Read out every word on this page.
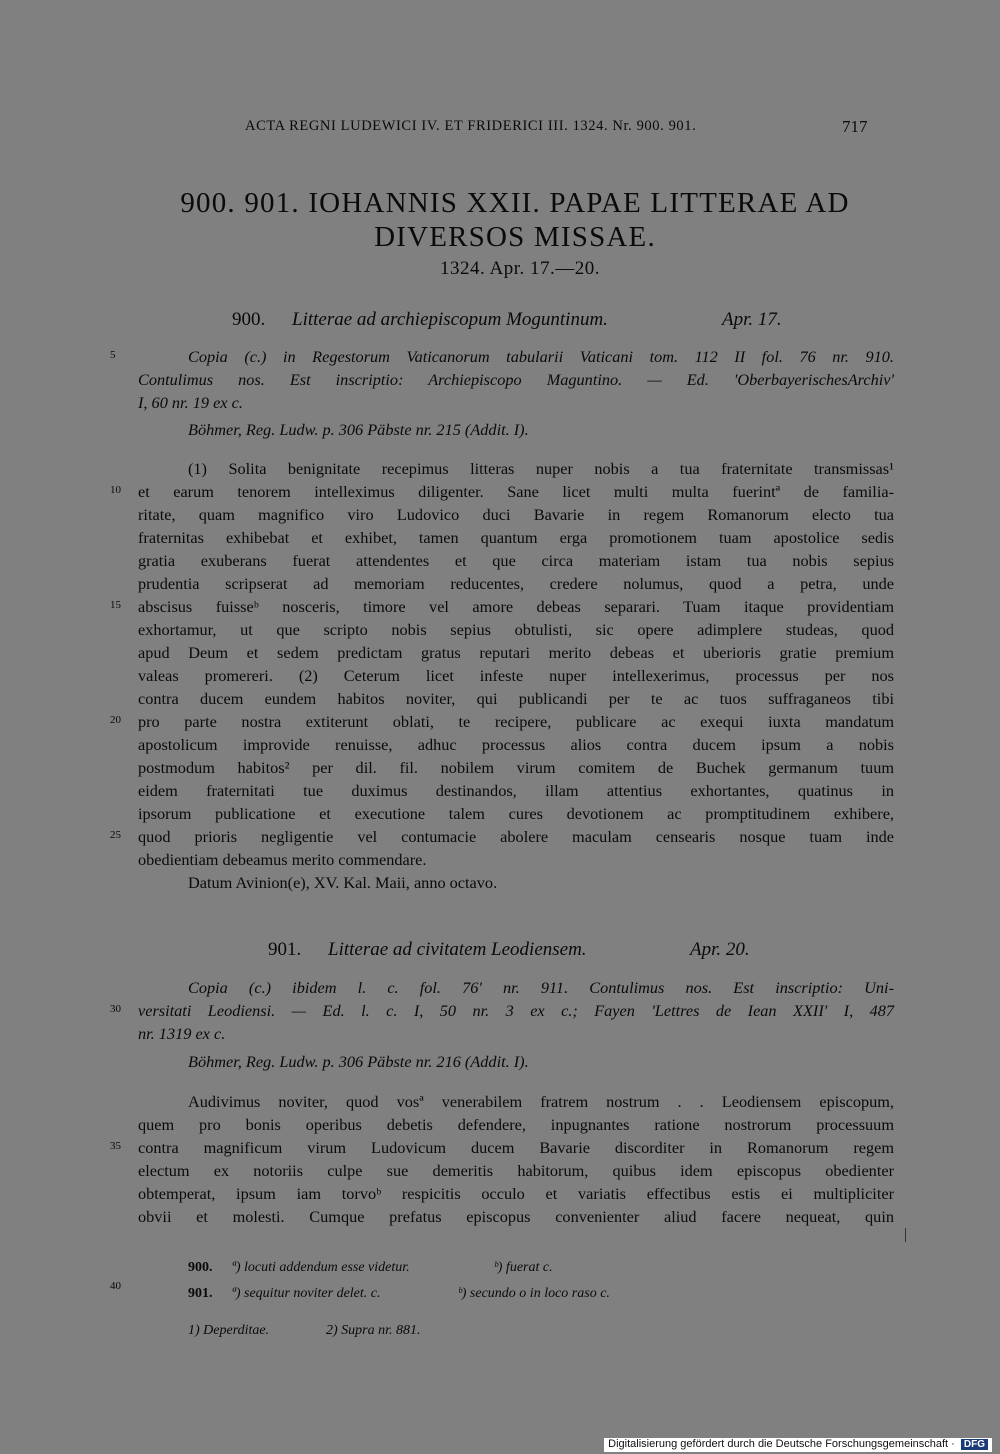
ACTA REGNI LUDEWICI IV. ET FRIDERICI III. 1324. Nr. 900. 901.	717
900. 901. IOHANNIS XXII. PAPAE LITTERAE AD
DIVERSOS MISSAE.
1324. Apr. 17.—20.
900. Litterae ad archiepiscopum Moguntinum.	Apr. 17.
Copia (c.) in Regestorum Vaticanorum tabularii Vaticani tom. 112 II fol. 76 nr. 910.
Contulimus nos. Est inscriptio: Archiepiscopo Maguntino. — Ed. 'OberbayerischesArchiv'
I, 60 nr. 19 ex c.
Böhmer, Reg. Ludw. p. 306 Päbste nr. 215 (Addit. I).
(1) Solita benignitate recepimus litteras nuper nobis a tua fraternitate transmissas¹
et earum tenorem intelleximus diligenter. Sane licet multi multa fuerintª de familia-
ritate, quam magnifico viro Ludovico duci Bavarie in regem Romanorum electo tua
fraternitas exhibebat et exhibet, tamen quantum erga promotionem tuam apostolice sedis
gratia exuberans fuerat attendentes et que circa materiam istam tua nobis sepius
prudentia scripserat ad memoriam reducentes, credere nolumus, quod a petra, unde
abscisus fuisseᵇ nosceris, timore vel amore debeas separari. Tuam itaque providentiam
exhortamur, ut que scripto nobis sepius obtulisti, sic opere adimplere studeas, quod
apud Deum et sedem predictam gratus reputari merito debeas et uberioris gratie premium
valeas promereri. (2) Ceterum licet infeste nuper intellexerimus, processus per nos
contra ducem eundem habitos noviter, qui publicandi per te ac tuos suffraganeos tibi
pro parte nostra extiterunt oblati, te recipere, publicare ac exequi iuxta mandatum
apostolicum improvide renuisse, adhuc processus alios contra ducem ipsum a nobis
postmodum habitos² per dil. fil. nobilem virum comitem de Buchek germanum tuum
eidem fraternitati tue duximus destinandos, illam attentius exhortantes, quatinus in
ipsorum publicatione et executione talem cures devotionem ac promptitudinem exhibere,
quod prioris negligentie vel contumacie abolere maculam censearis nosque tuam inde
obedientiam debeamus merito commendare.
Datum Avinion(e), XV. Kal. Maii, anno octavo.
901. Litterae ad civitatem Leodiensem.	Apr. 20.
Copia (c.) ibidem l. c. fol. 76' nr. 911. Contulimus nos. Est inscriptio: Uni-
versitati Leodiensi. — Ed. l. c. I, 50 nr. 3 ex c.; Fayen 'Lettres de Iean XXII' I, 487
nr. 1319 ex c.
Böhmer, Reg. Ludw. p. 306 Päbste nr. 216 (Addit. I).
Audivimus noviter, quod vosª venerabilem fratrem nostrum . . Leodiensem episcopum,
quem pro bonis operibus debetis defendere, inpugnantes ratione nostrorum processuum
contra magnificum virum Ludovicum ducem Bavarie discorditer in Romanorum regem
electum ex notoriis culpe sue demeritis habitorum, quibus idem episcopus obedienter
obtemperat, ipsum iam torvoᵇ respicitis occulo et variatis effectibus estis ei multipliciter
obvii et molesti. Cumque prefatus episcopus convenienter aliud facere nequeat, quin
5
10
15
20
25
30
35
40
900. ª) locuti addendum esse videtur.	ᵇ) fuerat c.
901. ª) sequitur noviter delet. c.	ᵇ) secundo o in loco raso c.
1) Deperditae.	2) Supra nr. 881.
Digitalisierung gefördert durch die Deutsche Forschungsgemeinschaft · DFG
